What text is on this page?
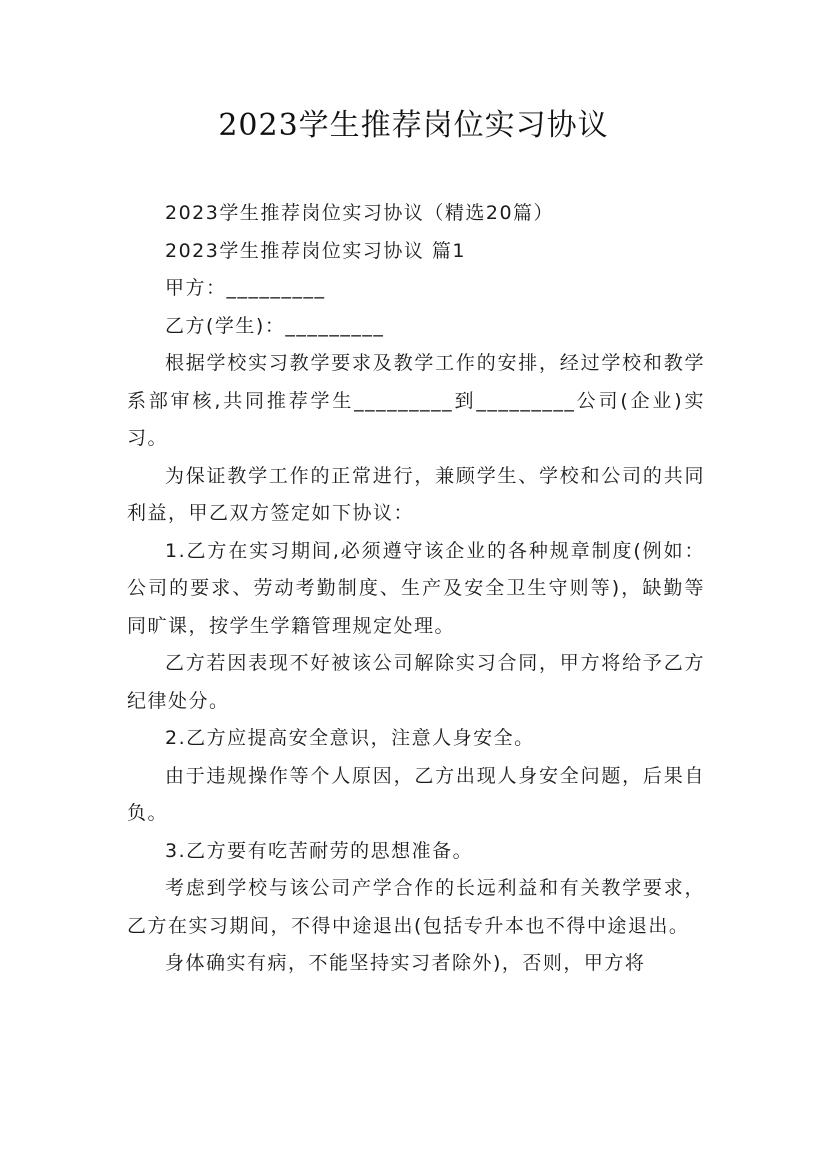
2023学生推荐岗位实习协议

2023学生推荐岗位实习协议（精选20篇）

2023学生推荐岗位实习协议 篇1

甲方：_________

乙方(学生)：_________

根据学校实习教学要求及教学工作的安排，经过学校和教学系部审核,共同推荐学生_________到_________公司(企业)实习。

为保证教学工作的正常进行，兼顾学生、学校和公司的共同利益，甲乙双方签定如下协议：

1.乙方在实习期间,必须遵守该企业的各种规章制度(例如：公司的要求、劳动考勤制度、生产及安全卫生守则等)，缺勤等同旷课，按学生学籍管理规定处理。

乙方若因表现不好被该公司解除实习合同，甲方将给予乙方纪律处分。

2.乙方应提高安全意识，注意人身安全。

由于违规操作等个人原因，乙方出现人身安全问题，后果自负。

3.乙方要有吃苦耐劳的思想准备。

考虑到学校与该公司产学合作的长远利益和有关教学要求，乙方在实习期间，不得中途退出(包括专升本也不得中途退出。

身体确实有病，不能坚持实习者除外)，否则，甲方将
